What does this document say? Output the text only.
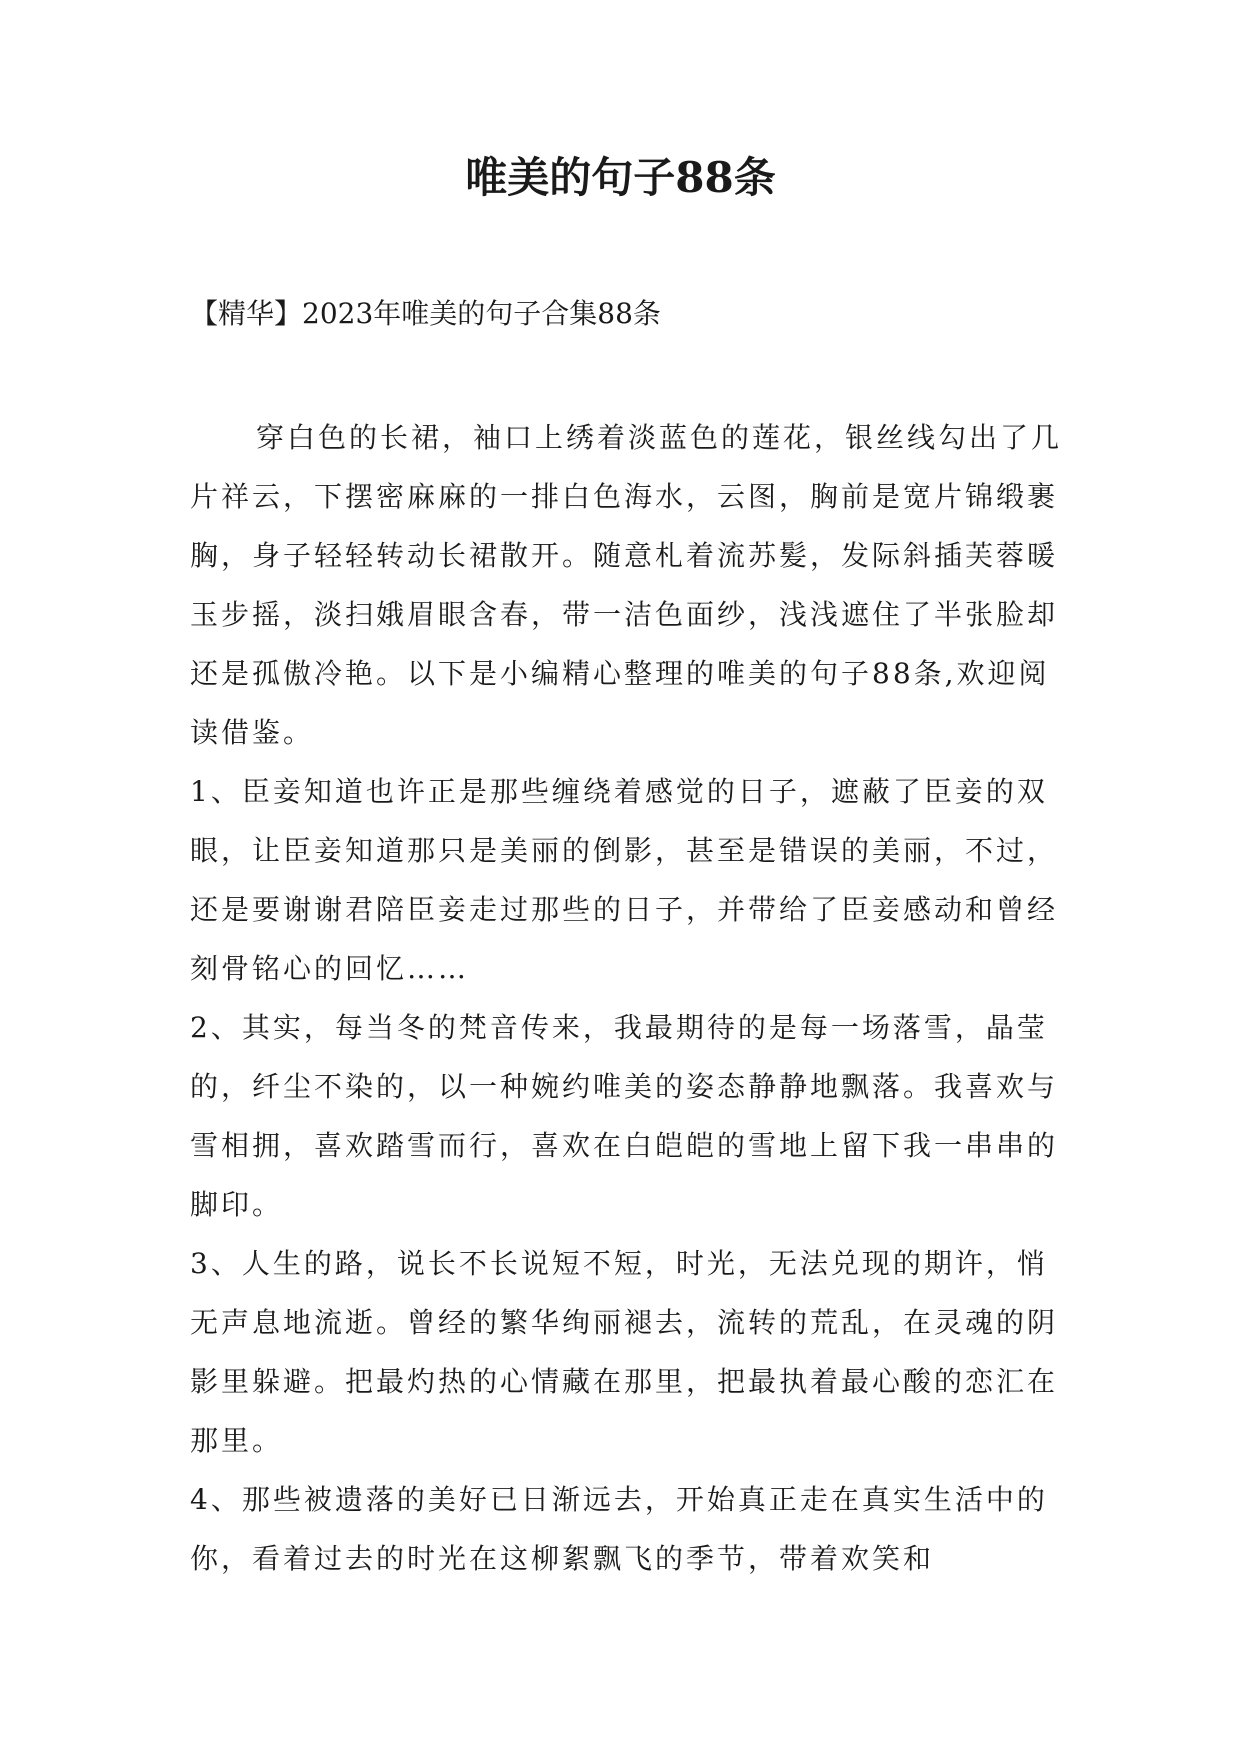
唯美的句子88条

【精华】2023年唯美的句子合集88条

穿白色的长裙，袖口上绣着淡蓝色的莲花，银丝线勾出了几片祥云，下摆密麻麻的一排白色海水，云图，胸前是宽片锦缎裹胸，身子轻轻转动长裙散开。随意札着流苏髪，发际斜插芙蓉暖玉步摇，淡扫娥眉眼含春，带一洁色面纱，浅浅遮住了半张脸却还是孤傲冷艳。以下是小编精心整理的唯美的句子88条,欢迎阅读借鉴。

1、臣妾知道也许正是那些缠绕着感觉的日子，遮蔽了臣妾的双眼，让臣妾知道那只是美丽的倒影，甚至是错误的美丽，不过，还是要谢谢君陪臣妾走过那些的日子，并带给了臣妾感动和曾经刻骨铭心的回忆……

2、其实，每当冬的梵音传来，我最期待的是每一场落雪，晶莹的，纤尘不染的，以一种婉约唯美的姿态静静地飘落。我喜欢与雪相拥，喜欢踏雪而行，喜欢在白皑皑的雪地上留下我一串串的脚印。

3、人生的路，说长不长说短不短，时光，无法兑现的期许，悄无声息地流逝。曾经的繁华绚丽褪去，流转的荒乱，在灵魂的阴影里躲避。把最灼热的心情藏在那里，把最执着最心酸的恋汇在那里。

4、那些被遗落的美好已日渐远去，开始真正走在真实生活中的你，看着过去的时光在这柳絮飘飞的季节，带着欢笑和
